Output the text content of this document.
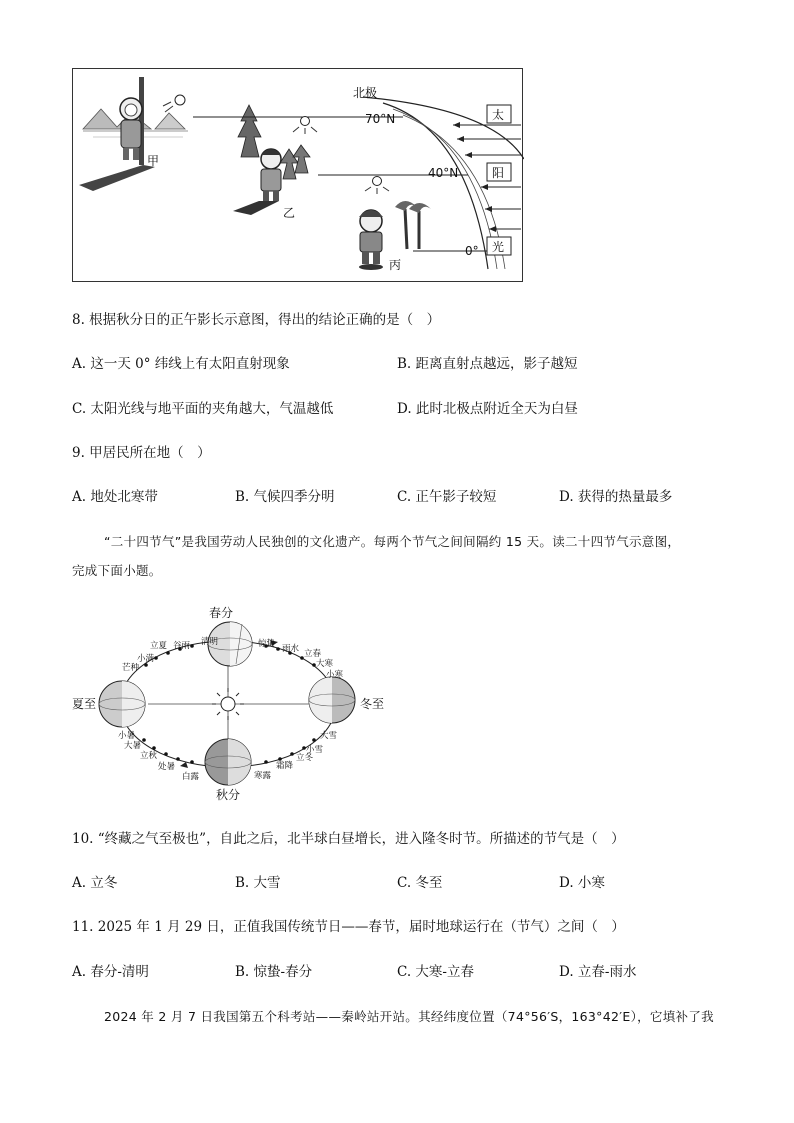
甲
乙
丙
北极
70°N
40°N
0°
太
阳
光
8. 根据秋分日的正午影长示意图，得出的结论正确的是（　）
A. 这一天 0° 纬线上有太阳直射现象	B. 距离直射点越远，影子越短
C. 太阳光线与地平面的夹角越大，气温越低	D. 此时北极点附近全天为白昼
9. 甲居民所在地（　）
A. 地处北寒带	B. 气候四季分明	C. 正午影子较短	D. 获得的热量最多
“二十四节气”是我国劳动人民独创的文化遗产。每两个节气之间间隔约 15 天。读二十四节气示意图，
完成下面小题。
春分
夏至	冬至
秋分
清明
谷雨
立夏
小满
芒种
惊蛰 雨水 立春
大寒
小寒
小暑
大暑
立秋
处暑
白露	寒露
霜降
立冬
小雪
大雪
10. “终藏之气至极也”，自此之后，北半球白昼增长，进入隆冬时节。所描述的节气是（　）
A. 立冬	B. 大雪	C. 冬至	D. 小寒
11. 2025 年 1 月 29 日，正值我国传统节日——春节，届时地球运行在（节气）之间（　）
A. 春分-清明	B. 惊蛰-春分	C. 大寒-立春	D. 立春-雨水
2024 年 2 月 7 日我国第五个科考站——秦岭站开站。其经纬度位置（74°56′S，163°42′E），它填补了我
